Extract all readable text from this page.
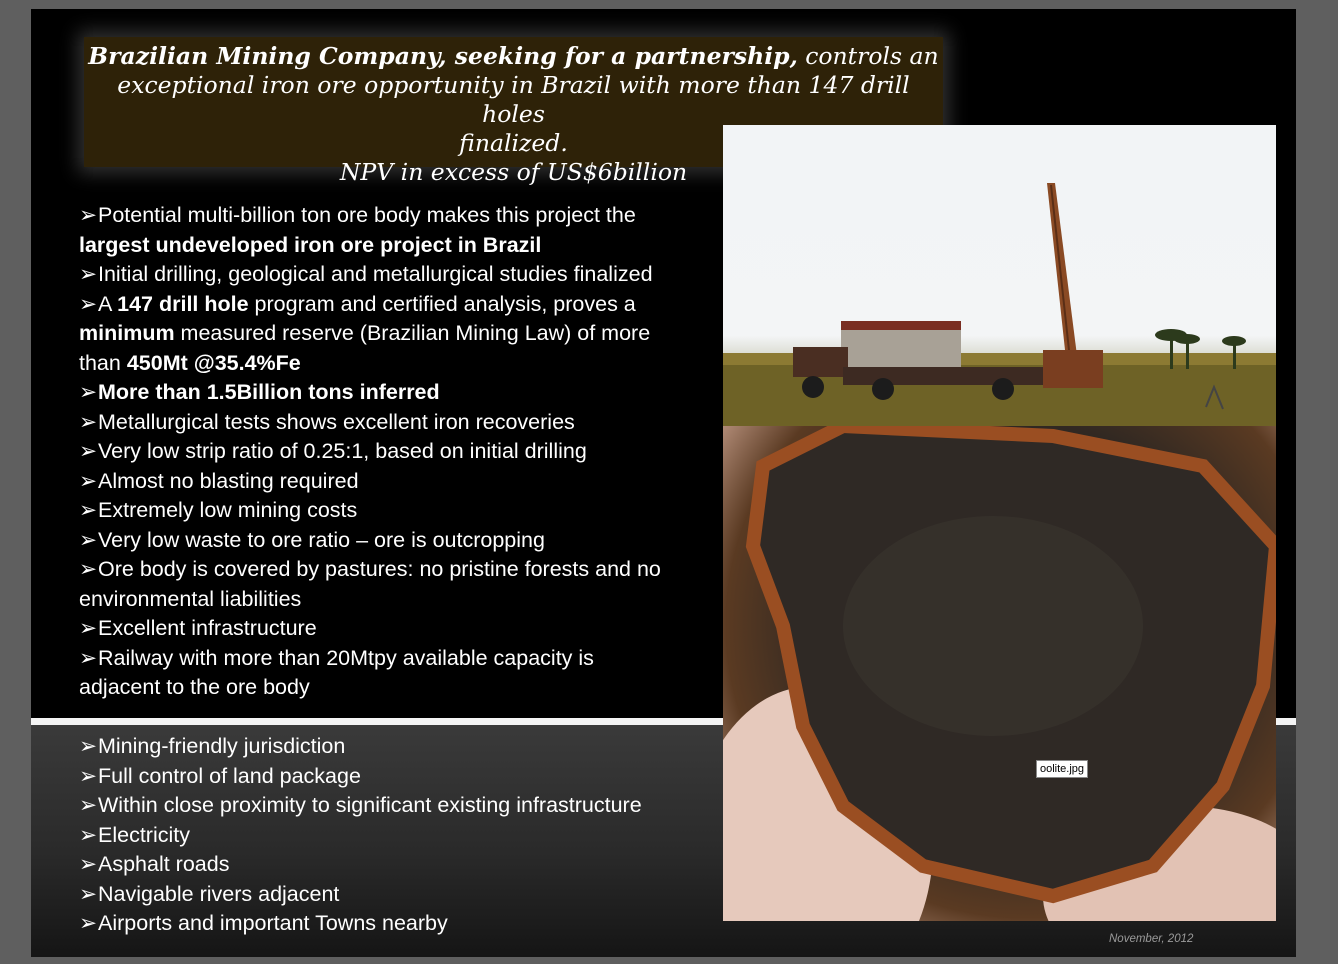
Brazilian Mining Company, seeking for a partnership, controls an
exceptional iron ore opportunity in Brazil with more than 147 drill holes
finalized.
NPV in excess of US$6billion
➢Potential multi-billion ton ore body makes this project the
largest undeveloped iron ore project in Brazil
➢Initial drilling, geological and metallurgical studies finalized
➢A 147 drill hole program and certified analysis, proves a
minimum measured reserve (Brazilian Mining Law) of more
than 450Mt @35.4%Fe
➢More than 1.5Billion tons inferred
➢Metallurgical tests shows excellent iron recoveries
➢Very low strip ratio of 0.25:1, based on initial drilling
➢Almost no blasting required
➢Extremely low mining costs
➢Very low waste to ore ratio – ore is outcropping
➢Ore body is covered by pastures: no pristine forests and no
environmental liabilities
➢Excellent infrastructure
➢Railway with more than 20Mtpy available capacity is
adjacent to the ore body
➢Mining-friendly jurisdiction
➢Full control of land package
➢Within close proximity to significant existing infrastructure
➢Electricity
➢Asphalt roads
➢Navigable rivers adjacent
➢Airports and important Towns nearby
November, 2012
oolite.jpg
